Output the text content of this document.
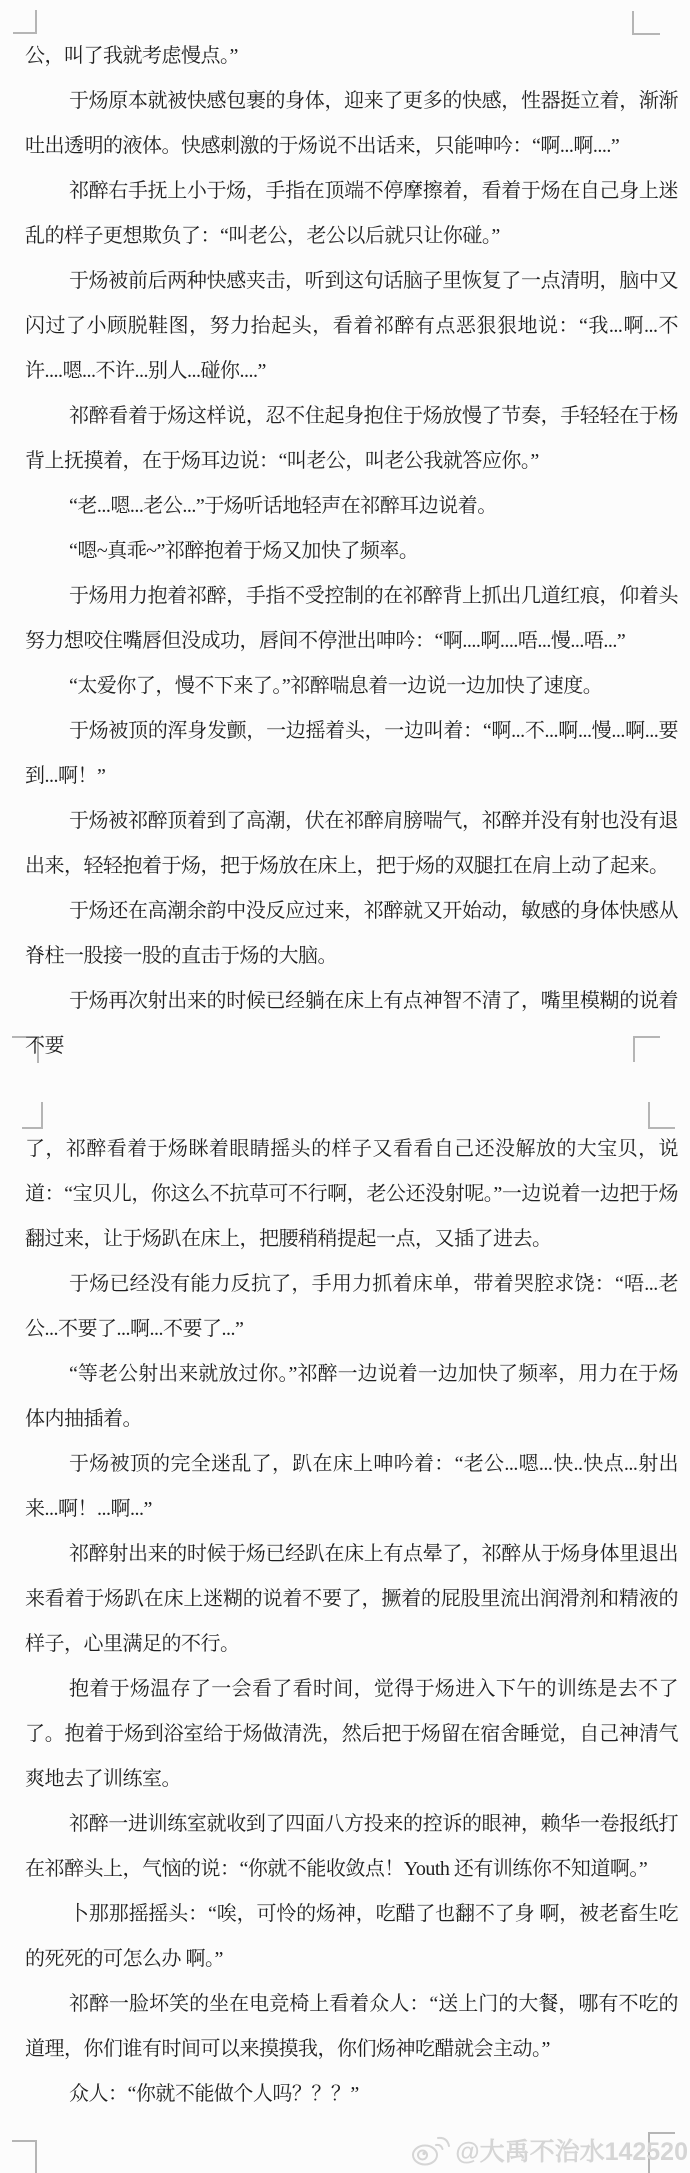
公，叫了我就考虑慢点。”

于炀原本就被快感包裹的身体，迎来了更多的快感，性器挺立着，渐渐吐出透明的液体。快感刺激的于炀说不出话来，只能呻吟：“啊...啊....”

祁醉右手抚上小于炀，手指在顶端不停摩擦着，看着于炀在自己身上迷乱的样子更想欺负了：“叫老公，老公以后就只让你碰。”

于炀被前后两种快感夹击，听到这句话脑子里恢复了一点清明，脑中又闪过了小顾脱鞋图，努力抬起头，看着祁醉有点恶狠狠地说：“我...啊...不许....嗯...不许...别人...碰你....”

祁醉看着于炀这样说，忍不住起身抱住于炀放慢了节奏，手轻轻在于杨背上抚摸着，在于炀耳边说：“叫老公，叫老公我就答应你。”

“老...嗯...老公...”于炀听话地轻声在祁醉耳边说着。

“嗯~真乖~”祁醉抱着于炀又加快了频率。

于炀用力抱着祁醉，手指不受控制的在祁醉背上抓出几道红痕，仰着头努力想咬住嘴唇但没成功，唇间不停泄出呻吟：“啊....啊....唔...慢...唔...”

“太爱你了，慢不下来了。”祁醉喘息着一边说一边加快了速度。

于炀被顶的浑身发颤，一边摇着头，一边叫着：“啊...不...啊...慢...啊...要到...啊！”

于炀被祁醉顶着到了高潮，伏在祁醉肩膀喘气，祁醉并没有射也没有退出来，轻轻抱着于炀，把于炀放在床上，把于炀的双腿扛在肩上动了起来。

于炀还在高潮余韵中没反应过来，祁醉就又开始动，敏感的身体快感从脊柱一股接一股的直击于炀的大脑。

于炀再次射出来的时候已经躺在床上有点神智不清了，嘴里模糊的说着不要

了，祁醉看着于炀眯着眼睛摇头的样子又看看自己还没解放的大宝贝，说道：“宝贝儿，你这么不抗草可不行啊，老公还没射呢。”一边说着一边把于炀翻过来，让于炀趴在床上，把腰稍稍提起一点，又插了进去。

于炀已经没有能力反抗了，手用力抓着床单，带着哭腔求饶：“唔...老公...不要了...啊...不要了...”

“等老公射出来就放过你。”祁醉一边说着一边加快了频率，用力在于炀体内抽插着。

于炀被顶的完全迷乱了，趴在床上呻吟着：“老公...嗯...快..快点...射出来...啊！...啊...”

祁醉射出来的时候于炀已经趴在床上有点晕了，祁醉从于炀身体里退出来看着于炀趴在床上迷糊的说着不要了，撅着的屁股里流出润滑剂和精液的样子，心里满足的不行。

抱着于炀温存了一会看了看时间，觉得于炀进入下午的训练是去不了了。抱着于炀到浴室给于炀做清洗，然后把于炀留在宿舍睡觉，自己神清气爽地去了训练室。

祁醉一进训练室就收到了四面八方投来的控诉的眼神，赖华一卷报纸打在祁醉头上，气恼的说：“你就不能收敛点！Youth 还有训练你不知道啊。”

卜那那摇摇头：“唉，可怜的炀神，吃醋了也翻不了身 啊，被老畜生吃的死死的可怎么办 啊。”

祁醉一脸坏笑的坐在电竞椅上看着众人：“送上门的大餐，哪有不吃的道理，你们谁有时间可以来摸摸我，你们炀神吃醋就会主动。”

众人：“你就不能做个人吗？？？”

@大禹不治水142520
